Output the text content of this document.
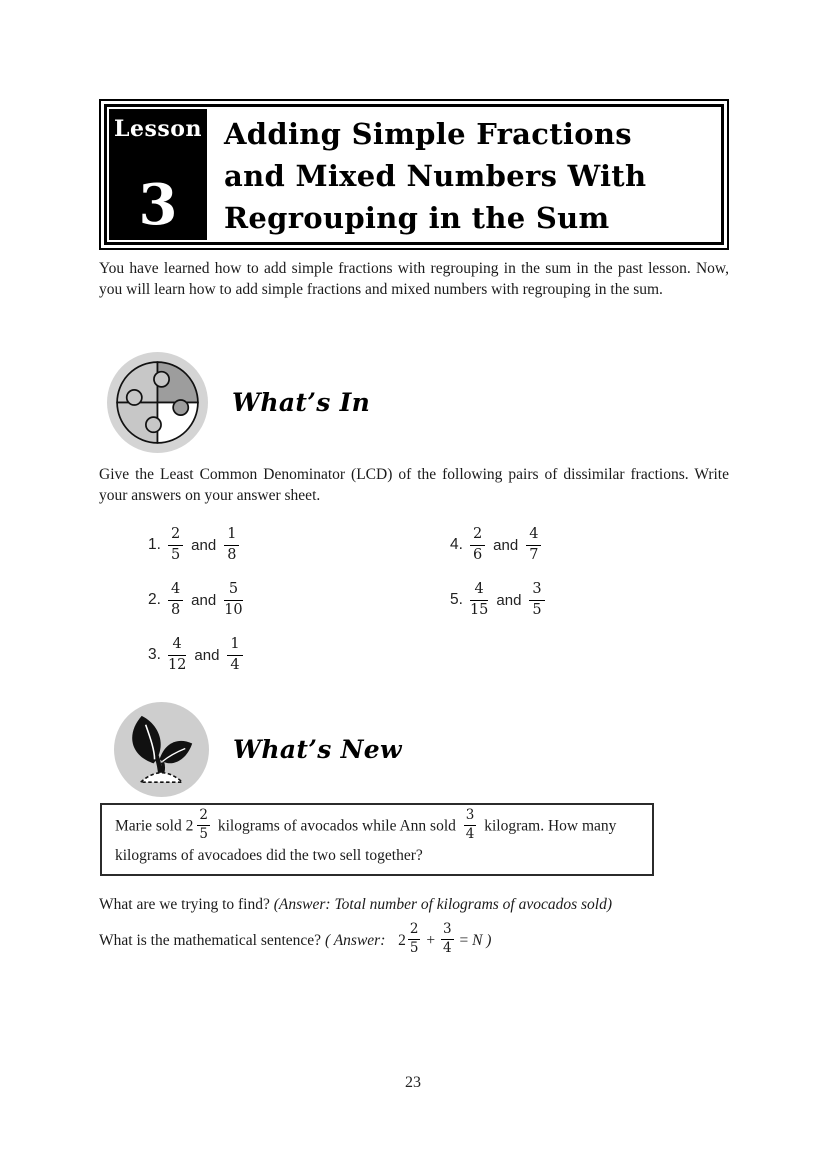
Lesson
3
Adding Simple Fractions
and Mixed Numbers With
Regrouping in the Sum

You have learned how to add simple fractions with regrouping in the sum in the past lesson. Now, you will learn how to add simple fractions and mixed numbers with regrouping in the sum.

What’s In

Give the Least Common Denominator (LCD) of the following pairs of dissimilar fractions. Write your answers on your answer sheet.

1. $\frac{2}{5}$ and $\frac{1}{8}$
2. $\frac{4}{8}$ and $\frac{5}{10}$
3. $\frac{4}{12}$ and $\frac{1}{4}$
4. $\frac{2}{6}$ and $\frac{4}{7}$
5. $\frac{4}{15}$ and $\frac{3}{5}$
What’s New
Marie sold $2 \frac{2}{5}$ kilograms of avocados while Ann sold $\frac{3}{4}$ kilogram. How many kilograms of avocadoes did the two sell together?
What are we trying to find? (Answer: Total number of kilograms of avocados sold)
What is the mathematical sentence? ( Answer: $2 \frac{2}{5} + \frac{3}{4} = N$ )
23
